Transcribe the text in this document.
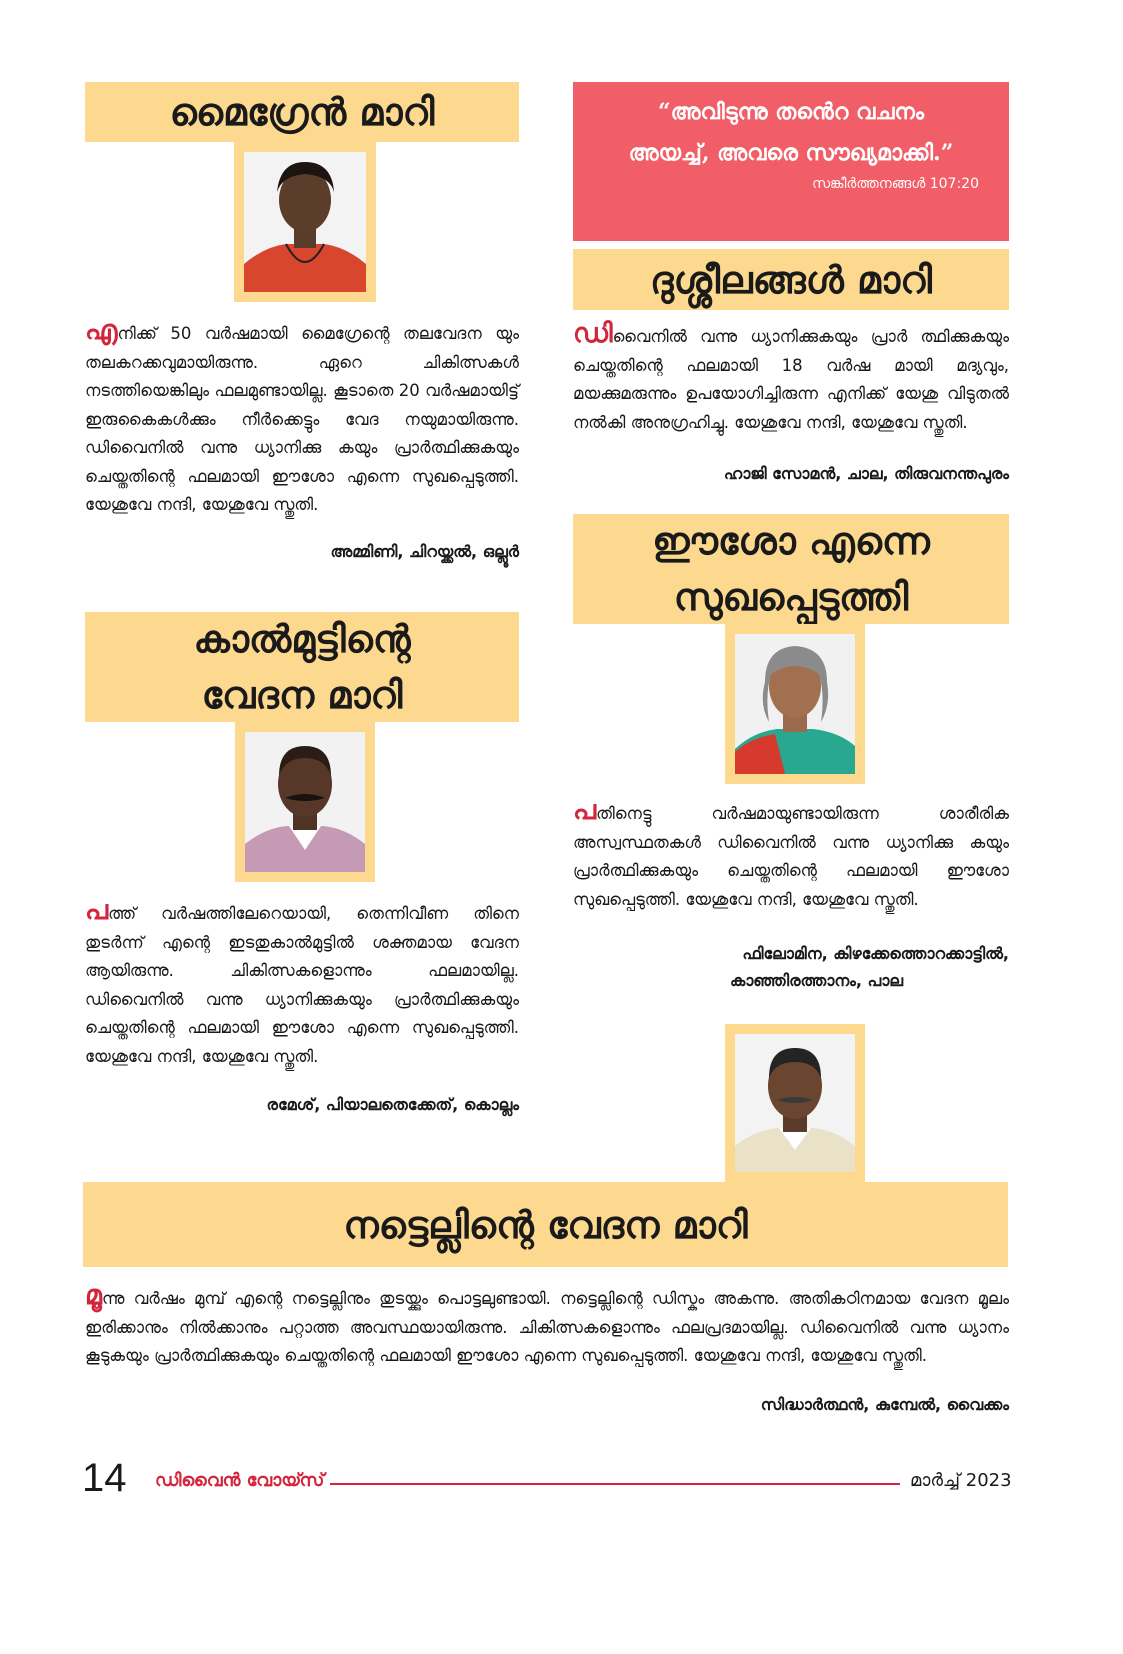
മൈഗ്രേൻ മാറി

എനിക്ക് 50 വർഷമായി മൈഗ്രേന്റെ തലവേദന യും തലകറക്കവുമായിരുന്നു. ഏറെ ചികിത്സകൾ നടത്തിയെങ്കിലും ഫലമുണ്ടായില്ല. കൂടാതെ 20 വർഷമായിട്ട് ഇരുകൈകൾക്കും നീർക്കെട്ടും വേദ നയുമായിരുന്നു. ഡിവൈനിൽ വന്നു ധ്യാനിക്കു കയും പ്രാർത്ഥിക്കുകയും ചെയ്തതിന്റെ ഫലമായി ഈശോ എന്നെ സുഖപ്പെടുത്തി. യേശുവേ നന്ദി, യേശുവേ സ്തുതി.

അമ്മിണി, ചിറയ്ക്കൽ, ഒല്ലൂർ

“അവിടുന്നു തൻെറ വചനം അയച്ച്, അവരെ സൗഖ്യമാക്കി.”

സങ്കീർത്തനങ്ങൾ 107:20

ദുശ്ശീലങ്ങൾ മാറി

ഡിവൈനിൽ വന്നു ധ്യാനിക്കുകയും പ്രാർ ത്ഥിക്കുകയും ചെയ്തതിന്റെ ഫലമായി 18 വർഷ മായി മദ്യവും, മയക്കുമരുന്നും ഉപയോഗിച്ചിരുന്ന എനിക്ക് യേശു വിടുതൽ നൽകി അനുഗ്രഹിച്ചു. യേശുവേ നന്ദി, യേശുവേ സ്തുതി.

ഹാജി സോമൻ, ചാല, തിരുവനന്തപുരം

ഈശോ എന്നെ
സുഖപ്പെടുത്തി

പതിനെട്ടു വർഷമായുണ്ടായിരുന്ന ശാരീരിക അസ്വസ്ഥതകൾ ഡിവൈനിൽ വന്നു ധ്യാനിക്കു കയും പ്രാർത്ഥിക്കുകയും ചെയ്തതിന്റെ ഫലമായി ഈശോ സുഖപ്പെടുത്തി. യേശുവേ നന്ദി, യേശുവേ സ്തുതി.

ഫിലോമിന, കിഴക്കേത്തൊറക്കാട്ടിൽ,

കാഞ്ഞിരത്താനം, പാല

കാൽമുട്ടിന്റെ
വേദന മാറി

പത്ത് വർഷത്തിലേറെയായി, തെന്നിവീണ തിനെ തുടർന്ന് എന്റെ ഇടതുകാൽമുട്ടിൽ ശക്തമായ വേദന ആയിരുന്നു. ചികിത്സകളൊന്നും ഫലമായില്ല. ഡിവൈനിൽ വന്നു ധ്യാനിക്കുകയും പ്രാർത്ഥിക്കുകയും ചെയ്തതിന്റെ ഫലമായി ഈശോ എന്നെ സുഖപ്പെടുത്തി. യേശുവേ നന്ദി, യേശുവേ സ്തുതി.

രമേശ്, പിയാലതെക്കേത്, കൊല്ലം

നട്ടെല്ലിന്റെ വേദന മാറി

മൂന്നു വർഷം മുമ്പ് എന്റെ നട്ടെല്ലിനും തുടയ്ക്കും പൊട്ടലുണ്ടായി. നട്ടെല്ലിന്റെ ഡിസ്കും അകന്നു. അതികഠിനമായ വേദന മൂലം ഇരിക്കാനും നിൽക്കാനും പറ്റാത്ത അവസ്ഥയായിരുന്നു. ചികിത്സകളൊന്നും ഫലപ്രദമായില്ല. ഡിവൈനിൽ വന്നു ധ്യാനം കൂടുകയും പ്രാർത്ഥിക്കുകയും ചെയ്തതിന്റെ ഫലമായി ഈശോ എന്നെ സുഖപ്പെടുത്തി. യേശുവേ നന്ദി, യേശുവേ സ്തുതി.

സിദ്ധാർത്ഥൻ, കുമ്പേൽ, വൈക്കം

14 ഡിവൈൻ വോയ്സ്	മാർച്ച് 2023
